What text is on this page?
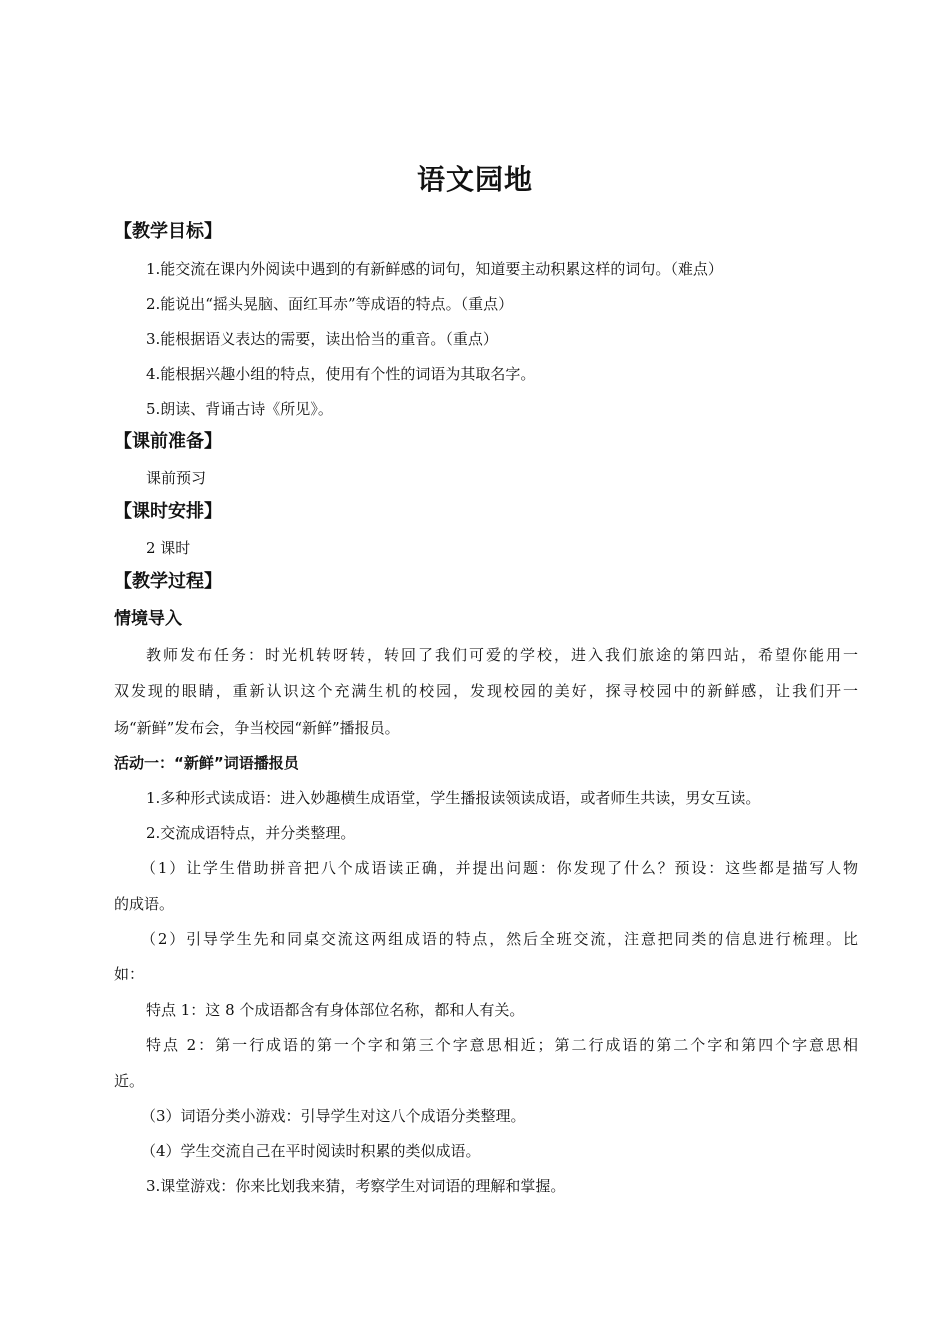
语文园地
【教学目标】
1.能交流在课内外阅读中遇到的有新鲜感的词句，知道要主动积累这样的词句。（难点）
2.能说出“摇头晃脑、面红耳赤”等成语的特点。（重点）
3.能根据语义表达的需要，读出恰当的重音。（重点）
4.能根据兴趣小组的特点，使用有个性的词语为其取名字。
5.朗读、背诵古诗《所见》。
【课前准备】
课前预习
【课时安排】
2 课时
【教学过程】
情境导入
教师发布任务：时光机转呀转，转回了我们可爱的学校，进入我们旅途的第四站，希望你能用一
双发现的眼睛，重新认识这个充满生机的校园，发现校园的美好，探寻校园中的新鲜感，让我们开一
场“新鲜”发布会，争当校园“新鲜”播报员。
活动一：“新鲜”词语播报员
1.多种形式读成语：进入妙趣横生成语堂，学生播报读领读成语，或者师生共读，男女互读。
2.交流成语特点，并分类整理。
（1）让学生借助拼音把八个成语读正确，并提出问题：你发现了什么？预设：这些都是描写人物
的成语。
（2）引导学生先和同桌交流这两组成语的特点，然后全班交流，注意把同类的信息进行梳理。比
如：
特点 1：这 8 个成语都含有身体部位名称，都和人有关。
特点 2：第一行成语的第一个字和第三个字意思相近；第二行成语的第二个字和第四个字意思相
近。
（3）词语分类小游戏：引导学生对这八个成语分类整理。
（4）学生交流自己在平时阅读时积累的类似成语。
3.课堂游戏：你来比划我来猜，考察学生对词语的理解和掌握。
